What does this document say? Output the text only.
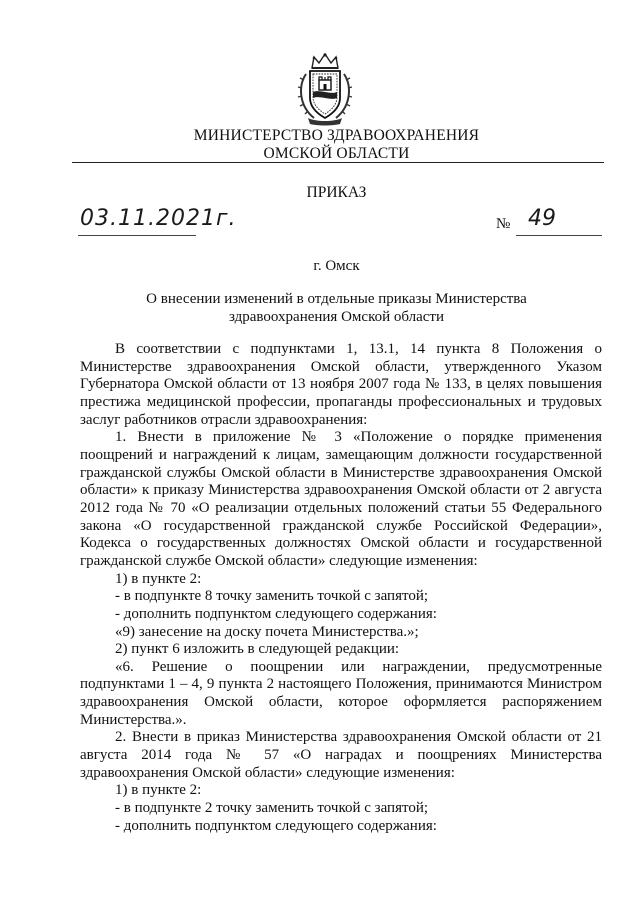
МИНИСТЕРСТВО ЗДРАВООХРАНЕНИЯ
ОМСКОЙ ОБЛАСТИ
ПРИКАЗ
03.11.2021г.	№ 49
г. Омск
О внесении изменений в отдельные приказы Министерства
здравоохранения Омской области

В соответствии с подпунктами 1, 13.1, 14 пункта 8 Положения о Министерстве здравоохранения Омской области, утвержденного Указом Губернатора Омской области от 13 ноября 2007 года № 133, в целях повышения престижа медицинской профессии, пропаганды профессиональных и трудовых заслуг работников отрасли здравоохранения:

1. Внести в приложение № 3 «Положение о порядке применения поощрений и награждений к лицам, замещающим должности государственной гражданской службы Омской области в Министерстве здравоохранения Омской области» к приказу Министерства здравоохранения Омской области от 2 августа 2012 года № 70 «О реализации отдельных положений статьи 55 Федерального закона «О государственной гражданской службе Российской Федерации», Кодекса о государственных должностях Омской области и государственной гражданской службе Омской области» следующие изменения:

1) в пункте 2:

- в подпункте 8 точку заменить точкой с запятой;

- дополнить подпунктом следующего содержания:

«9) занесение на доску почета Министерства.»;

2) пункт 6 изложить в следующей редакции:

«6. Решение о поощрении или награждении, предусмотренные подпунктами 1 – 4, 9 пункта 2 настоящего Положения, принимаются Министром здравоохранения Омской области, которое оформляется распоряжением Министерства.».

2. Внести в приказ Министерства здравоохранения Омской области от 21 августа 2014 года № 57 «О наградах и поощрениях Министерства здравоохранения Омской области» следующие изменения:

1) в пункте 2:

- в подпункте 2 точку заменить точкой с запятой;

- дополнить подпунктом следующего содержания:
